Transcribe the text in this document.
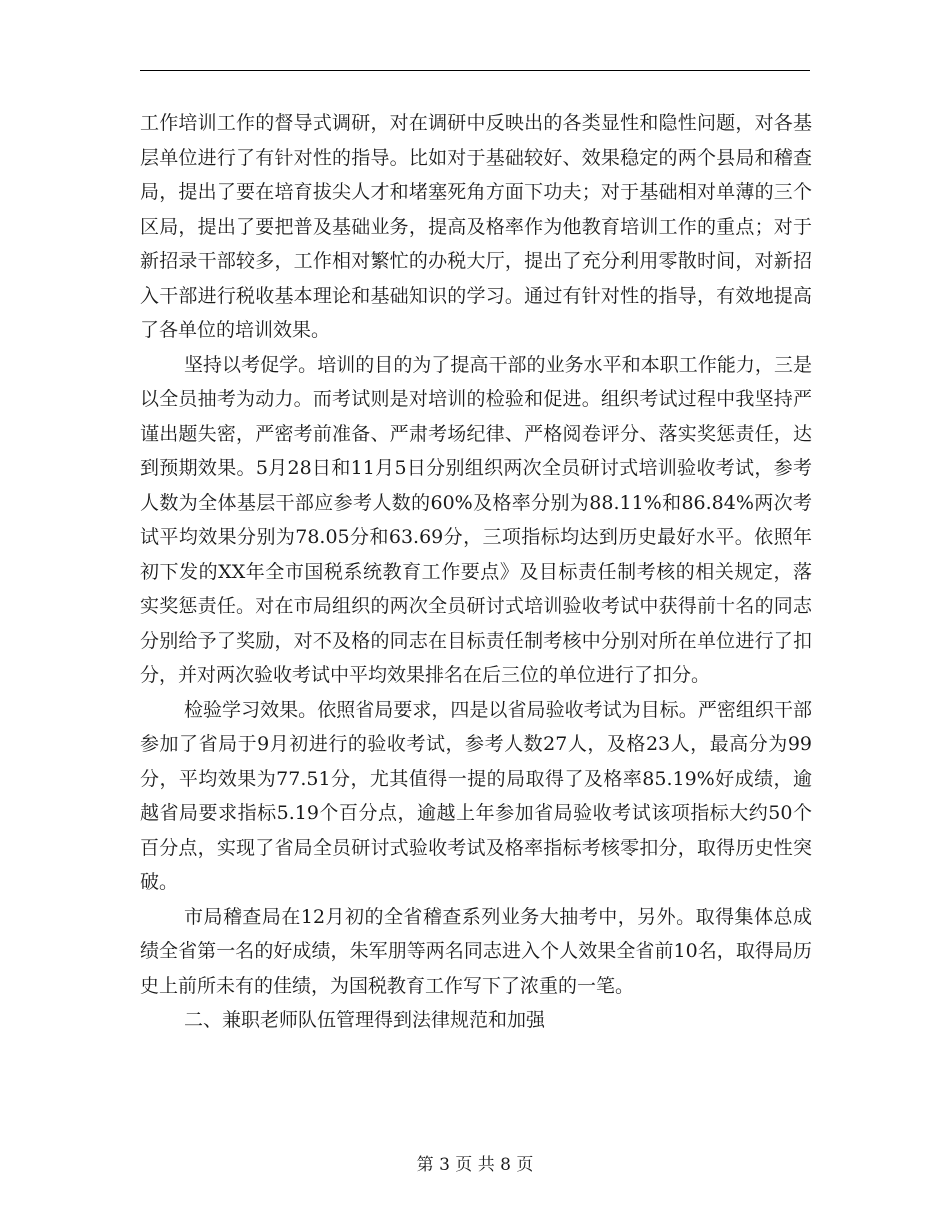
工作培训工作的督导式调研，对在调研中反映出的各类显性和隐性问题，对各基层单位进行了有针对性的指导。比如对于基础较好、效果稳定的两个县局和稽查局，提出了要在培育拔尖人才和堵塞死角方面下功夫；对于基础相对单薄的三个区局，提出了要把普及基础业务，提高及格率作为他教育培训工作的重点；对于新招录干部较多，工作相对繁忙的办税大厅，提出了充分利用零散时间，对新招入干部进行税收基本理论和基础知识的学习。通过有针对性的指导，有效地提高了各单位的培训效果。

坚持以考促学。培训的目的为了提高干部的业务水平和本职工作能力，三是以全员抽考为动力。而考试则是对培训的检验和促进。组织考试过程中我坚持严谨出题失密，严密考前准备、严肃考场纪律、严格阅卷评分、落实奖惩责任，达到预期效果。5月28日和11月5日分别组织两次全员研讨式培训验收考试，参考人数为全体基层干部应参考人数的60%及格率分别为88.11%和86.84%两次考试平均效果分别为78.05分和63.69分，三项指标均达到历史最好水平。依照年初下发的XX年全市国税系统教育工作要点》及目标责任制考核的相关规定，落实奖惩责任。对在市局组织的两次全员研讨式培训验收考试中获得前十名的同志分别给予了奖励，对不及格的同志在目标责任制考核中分别对所在单位进行了扣分，并对两次验收考试中平均效果排名在后三位的单位进行了扣分。

检验学习效果。依照省局要求，四是以省局验收考试为目标。严密组织干部参加了省局于9月初进行的验收考试，参考人数27人，及格23人，最高分为99分，平均效果为77.51分，尤其值得一提的局取得了及格率85.19%好成绩，逾越省局要求指标5.19个百分点，逾越上年参加省局验收考试该项指标大约50个百分点，实现了省局全员研讨式验收考试及格率指标考核零扣分，取得历史性突破。

市局稽查局在12月初的全省稽查系列业务大抽考中，另外。取得集体总成绩全省第一名的好成绩，朱军朋等两名同志进入个人效果全省前10名，取得局历史上前所未有的佳绩，为国税教育工作写下了浓重的一笔。

二、兼职老师队伍管理得到法律规范和加强

第 3 页 共 8 页
